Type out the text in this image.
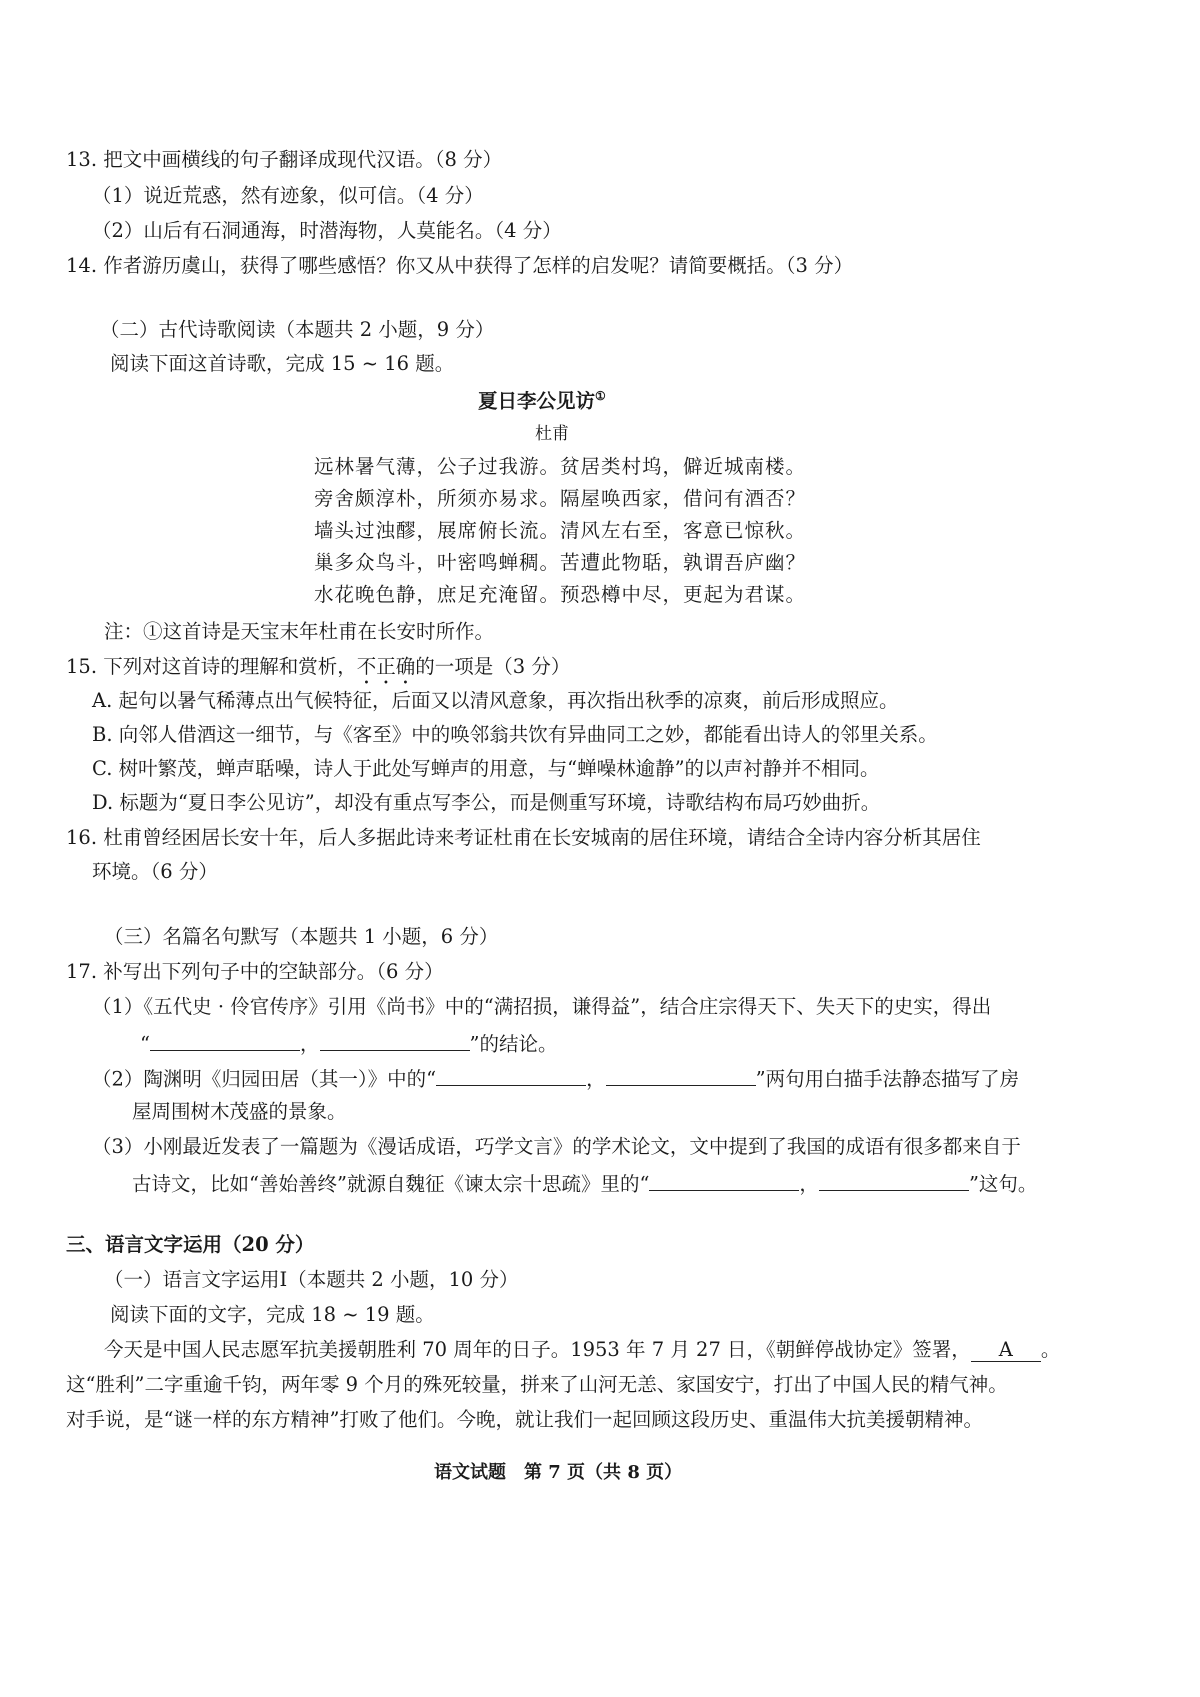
13. 把文中画横线的句子翻译成现代汉语。（8 分）
（1）说近荒惑，然有迹象，似可信。（4 分）
（2）山后有石洞通海，时潜海物，人莫能名。（4 分）
14. 作者游历虞山，获得了哪些感悟？你又从中获得了怎样的启发呢？请简要概括。（3 分）
（二）古代诗歌阅读（本题共 2 小题，9 分）
阅读下面这首诗歌，完成 15 ~ 16 题。
夏日李公见访①
杜甫
远林暑气薄，公子过我游。贫居类村坞，僻近城南楼。
旁舍颇淳朴，所须亦易求。隔屋唤西家，借问有酒否？
墙头过浊醪，展席俯长流。清风左右至，客意已惊秋。
巢多众鸟斗，叶密鸣蝉稠。苦遭此物聒，孰谓吾庐幽？
水花晚色静，庶足充淹留。预恐樽中尽，更起为君谋。
注：①这首诗是天宝末年杜甫在长安时所作。
15. 下列对这首诗的理解和赏析，不正确的一项是（3 分）
A. 起句以暑气稀薄点出气候特征，后面又以清风意象，再次指出秋季的凉爽，前后形成照应。
B. 向邻人借酒这一细节，与《客至》中的唤邻翁共饮有异曲同工之妙，都能看出诗人的邻里关系。
C. 树叶繁茂，蝉声聒噪，诗人于此处写蝉声的用意，与“蝉噪林逾静”的以声衬静并不相同。
D. 标题为“夏日李公见访”，却没有重点写李公，而是侧重写环境，诗歌结构布局巧妙曲折。
16. 杜甫曾经困居长安十年，后人多据此诗来考证杜甫在长安城南的居住环境，请结合全诗内容分析其居住
环境。（6 分）
（三）名篇名句默写（本题共 1 小题，6 分）
17. 补写出下列句子中的空缺部分。（6 分）
（1）《五代史 · 伶官传序》引用《尚书》中的“满招损，谦得益”，结合庄宗得天下、失天下的史实，得出
“	，	”的结论。
（2）陶渊明《归园田居（其一）》中的“	，	”两句用白描手法静态描写了房
屋周围树木茂盛的景象。
（3）小刚最近发表了一篇题为《漫话成语，巧学文言》的学术论文，文中提到了我国的成语有很多都来自于
古诗文，比如“善始善终”就源自魏征《谏太宗十思疏》里的“	，	”这句。
三、语言文字运用（20 分）
（一）语言文字运用Ⅰ（本题共 2 小题，10 分）
阅读下面的文字，完成 18 ~ 19 题。
今天是中国人民志愿军抗美援朝胜利 70 周年的日子。1953 年 7 月 27 日，《朝鲜停战协定》签署， A 。
这“胜利”二字重逾千钧，两年零 9 个月的殊死较量，拼来了山河无恙、家国安宁，打出了中国人民的精气神。
对手说，是“谜一样的东方精神”打败了他们。今晚，就让我们一起回顾这段历史、重温伟大抗美援朝精神。
语文试题　第 7 页（共 8 页）
